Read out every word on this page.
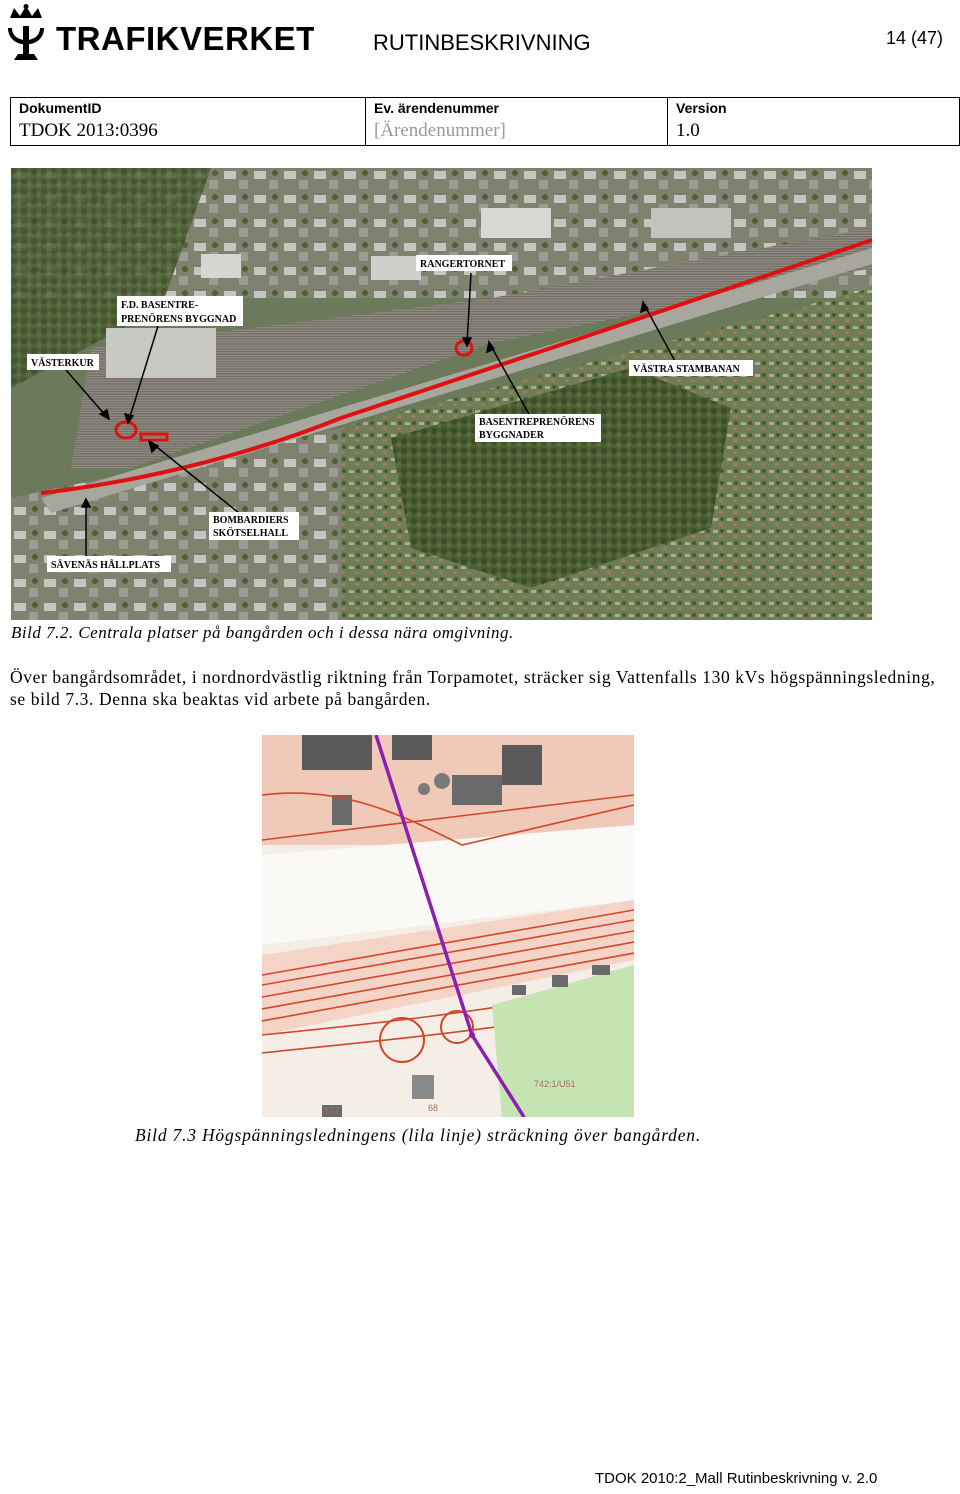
TRAFIKVERKET	RUTINBESKRIVNING	14 (47)
DokumentID
TDOK 2013:0396
Ev. ärendenummer
[Ärendenummer]
Version
1.0
RANGERTORNET
F.D. BASENTRE-
PRENÖRENS BYGGNAD
VÄSTERKUR
VÄSTRA STAMBANAN
BASENTREPRENÖRENS
BYGGNADER
BOMBARDIERS
SKÖTSELHALL
SÄVENÄS HÅLLPLATS
Bild 7.2. Centrala platser på bangården och i dessa nära omgivning.
Över bangårdsområdet, i nordnordvästlig riktning från Torpamotet, sträcker sig Vattenfalls 130 kVs högspänningsledning, se bild 7.3. Denna ska beaktas vid arbete på bangården.
742:1/U51
68
177
Bild 7.3 Högspänningsledningens (lila linje) sträckning över bangården.
TDOK 2010:2_Mall Rutinbeskrivning v. 2.0
